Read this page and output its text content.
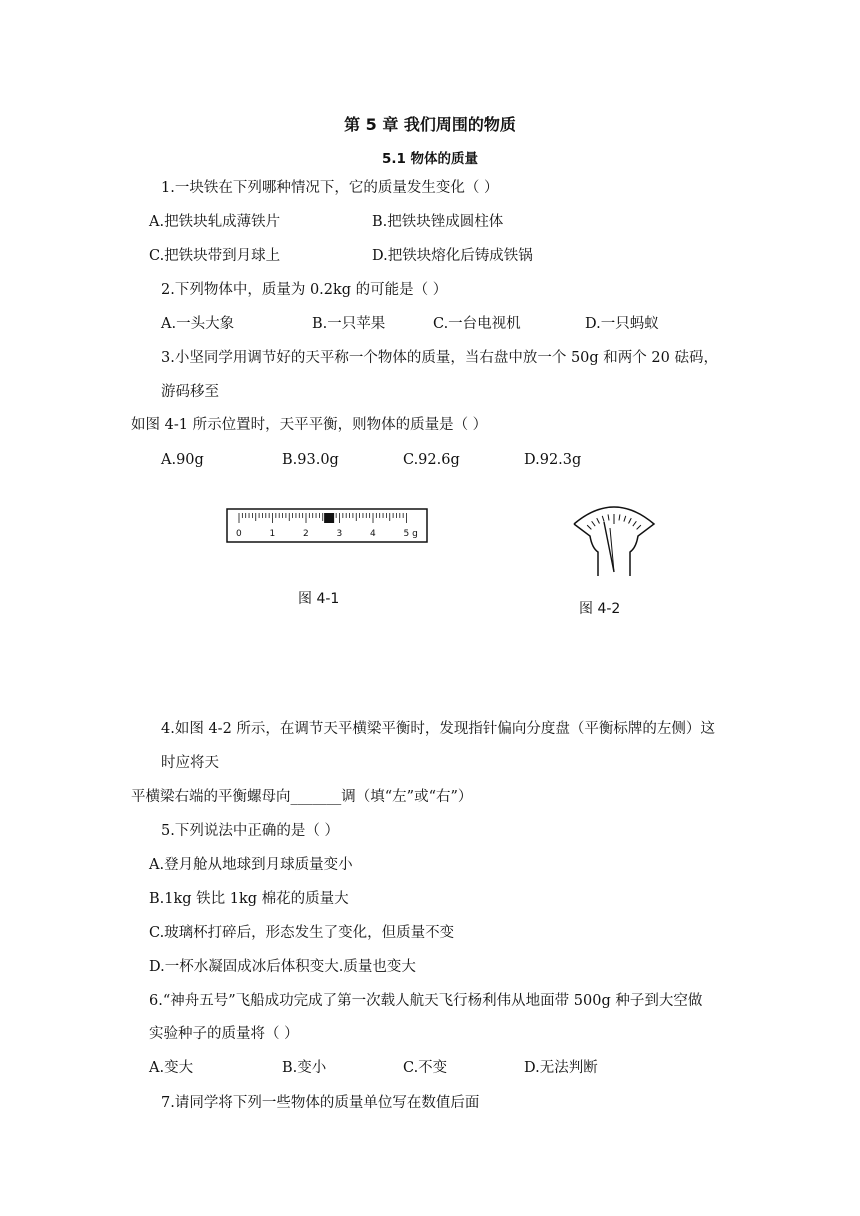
第 5 章 我们周围的物质
5.1 物体的质量
1.一块铁在下列哪种情况下，它的质量发生变化（ ）
A.把铁块轧成薄铁片	B.把铁块锉成圆柱体
C.把铁块带到月球上	D.把铁块熔化后铸成铁锅
2.下列物体中，质量为 0.2kg 的可能是（ ）
A.一头大象	B.一只苹果	C.一台电视机	D.一只蚂蚁
3.小坚同学用调节好的天平称一个物体的质量，当右盘中放一个 50g 和两个 20 砝码，
游码移至
如图 4-1 所示位置时，天平平衡，则物体的质量是（ ）
A.90g	B.93.0g	C.92.6g	D.92.3g
0	1	2	3	4	5 g
图 4-1
图 4-2
4.如图 4-2 所示，在调节天平横梁平衡时，发现指针偏向分度盘（平衡标牌的左侧）这
时应将天
平横梁右端的平衡螺母向_______调（填“左”或“右”）
5.下列说法中正确的是（ ）
A.登月舱从地球到月球质量变小
B.1kg 铁比 1kg 棉花的质量大
C.玻璃杯打碎后，形态发生了变化，但质量不变
D.一杯水凝固成冰后体积变大.质量也变大
6.“神舟五号”飞船成功完成了第一次载人航天飞行杨利伟从地面带 500g 种子到大空做
实验种子的质量将（ ）
A.变大	B.变小	C.不变	D.无法判断
7.请同学将下列一些物体的质量单位写在数值后面
